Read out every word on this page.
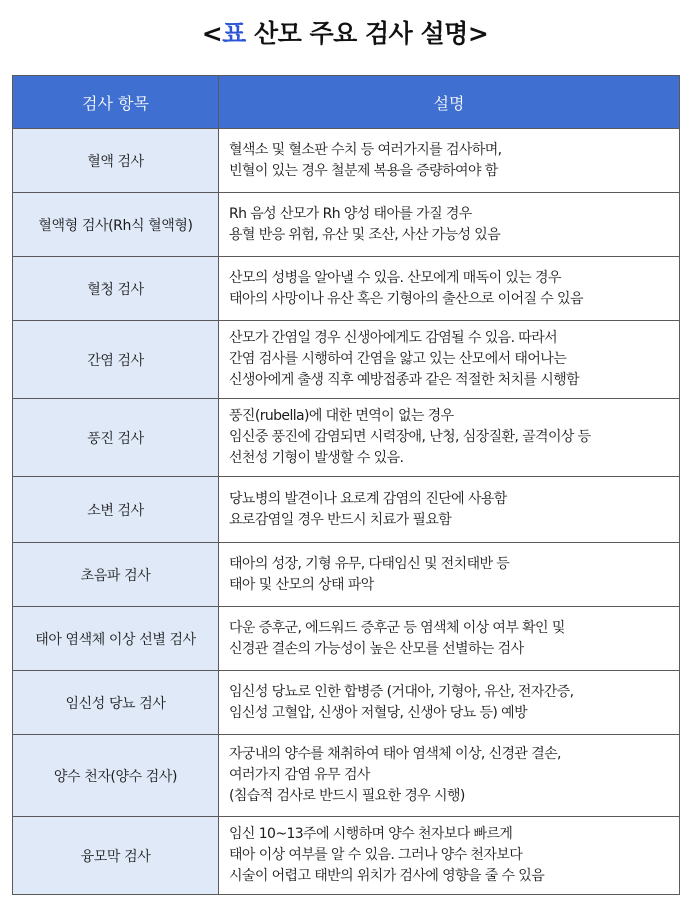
<표 산모 주요 검사 설명>
검사 항목	설명
혈액 검사	혈색소 및 혈소판 수치 등 여러가지를 검사하며,
빈혈이 있는 경우 철분제 복용을 증량하여야 함
혈액형 검사(Rh식 혈액형)	Rh 음성 산모가 Rh 양성 태아를 가질 경우
용혈 반응 위험, 유산 및 조산, 사산 가능성 있음
혈청 검사	산모의 성병을 알아낼 수 있음. 산모에게 매독이 있는 경우
태아의 사망이나 유산 혹은 기형아의 출산으로 이어질 수 있음
간염 검사	산모가 간염일 경우 신생아에게도 감염될 수 있음. 따라서
간염 검사를 시행하여 간염을 앓고 있는 산모에서 태어나는
신생아에게 출생 직후 예방접종과 같은 적절한 처치를 시행함
풍진 검사	풍진(rubella)에 대한 면역이 없는 경우
임신중 풍진에 감염되면 시력장애, 난청, 심장질환, 골격이상 등
선천성 기형이 발생할 수 있음.
소변 검사	당뇨병의 발견이나 요로계 감염의 진단에 사용함
요로감염일 경우 반드시 치료가 필요함
초음파 검사	태아의 성장, 기형 유무, 다태임신 및 전치태반 등
태아 및 산모의 상태 파악
태아 염색체 이상 선별 검사	다운 증후군, 에드워드 증후군 등 염색체 이상 여부 확인 및
신경관 결손의 가능성이 높은 산모를 선별하는 검사
임신성 당뇨 검사	임신성 당뇨로 인한 합병증 (거대아, 기형아, 유산, 전자간증,
임신성 고혈압, 신생아 저혈당, 신생아 당뇨 등) 예방
양수 천자(양수 검사)	자궁내의 양수를 채취하여 태아 염색체 이상, 신경관 결손,
여러가지 감염 유무 검사
(침습적 검사로 반드시 필요한 경우 시행)
융모막 검사	임신 10~13주에 시행하며 양수 천자보다 빠르게
태아 이상 여부를 알 수 있음. 그러나 양수 천자보다
시술이 어렵고 태반의 위치가 검사에 영향을 줄 수 있음
